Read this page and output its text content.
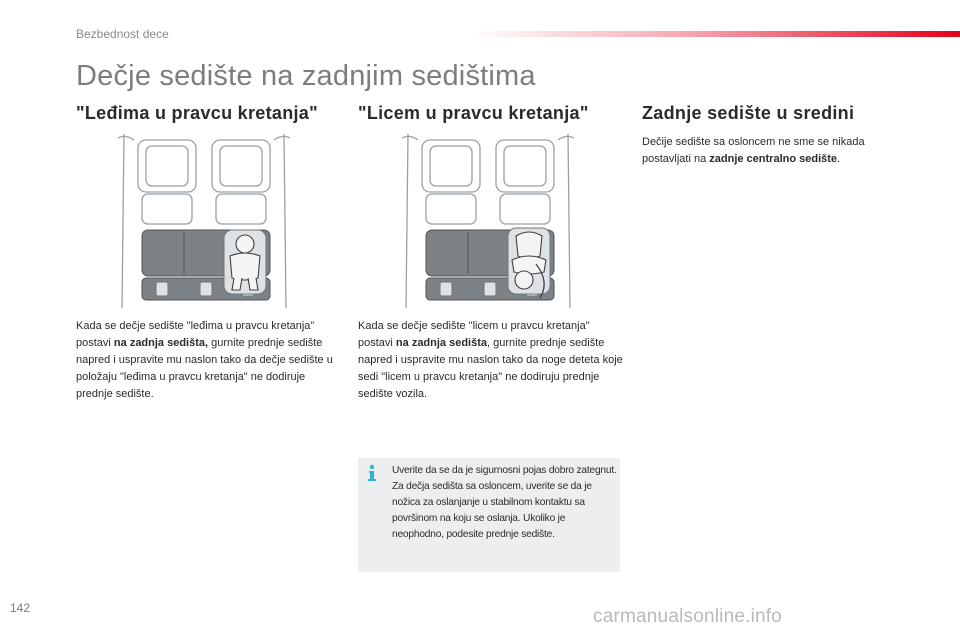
Bezbednost dece
Dečje sedište na zadnjim sedištima
"Leđima u pravcu kretanja" "Licem u pravcu kretanja"	Zadnje sedište u sredini
Kada se dečje sedište "leđima u pravcu kretanja" postavi na zadnja sedišta, gurnite prednje sedište napred i uspravite mu naslon tako da dečje sedište u položaju "leđima u pravcu kretanja" ne dodiruje prednje sedište.
Kada se dečje sedište "licem u pravcu kretanja" postavi na zadnja sedišta, gurnite prednje sedište napred i uspravite mu naslon tako da noge deteta koje sedi "licem u pravcu kretanja" ne dodiruju prednje sedište vozila.
Dečije sedište sa osloncem ne sme se nikada postavljati na zadnje centralno sedište.
Uverite da se da je sigurnosni pojas dobro zategnut.
Za dečja sedišta sa osloncem, uverite se da je nožica za oslanjanje u stabilnom kontaktu sa površinom na koju se oslanja. Ukoliko je neophodno, podesite prednje sedište.
142	carmanualsonline.info
